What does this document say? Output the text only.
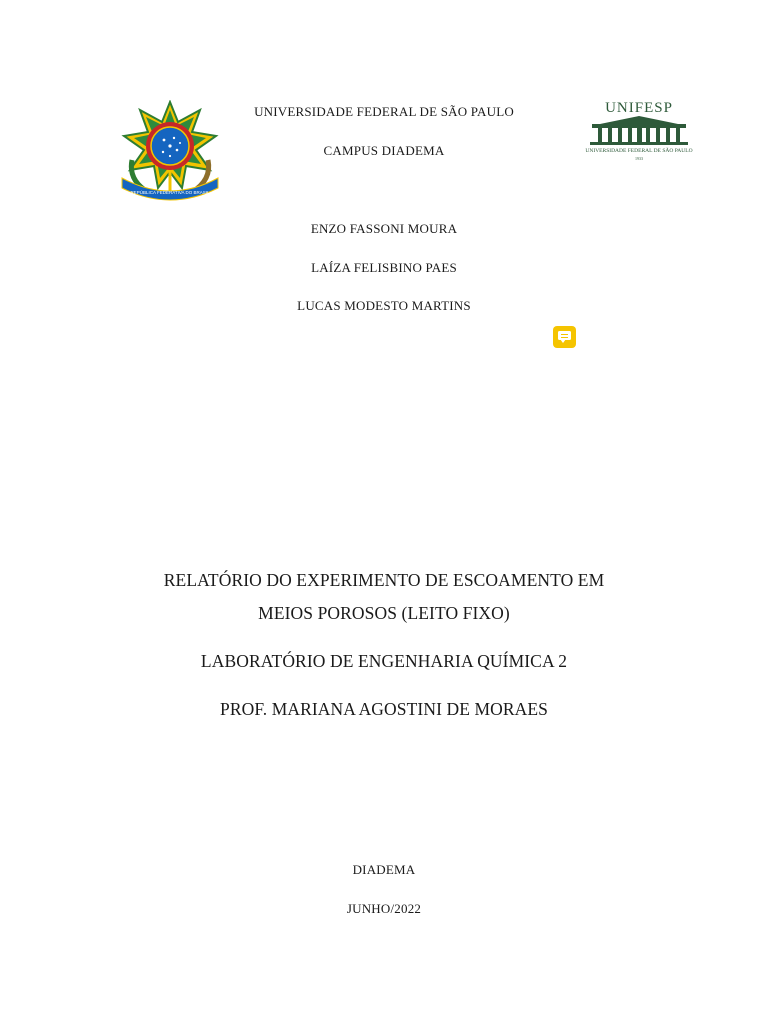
REPÚBLICA FEDERATIVA DO BRASIL
UNIFESP
UNIVERSIDADE FEDERAL DE SÃO PAULO
1933
UNIVERSIDADE FEDERAL DE SÃO PAULO
CAMPUS DIADEMA
ENZO FASSONI MOURA
LAÍZA FELISBINO PAES
LUCAS MODESTO MARTINS
RELATÓRIO DO EXPERIMENTO DE ESCOAMENTO EM
MEIOS POROSOS (LEITO FIXO)
LABORATÓRIO DE ENGENHARIA QUÍMICA 2
PROF. MARIANA AGOSTINI DE MORAES
DIADEMA
JUNHO/2022
